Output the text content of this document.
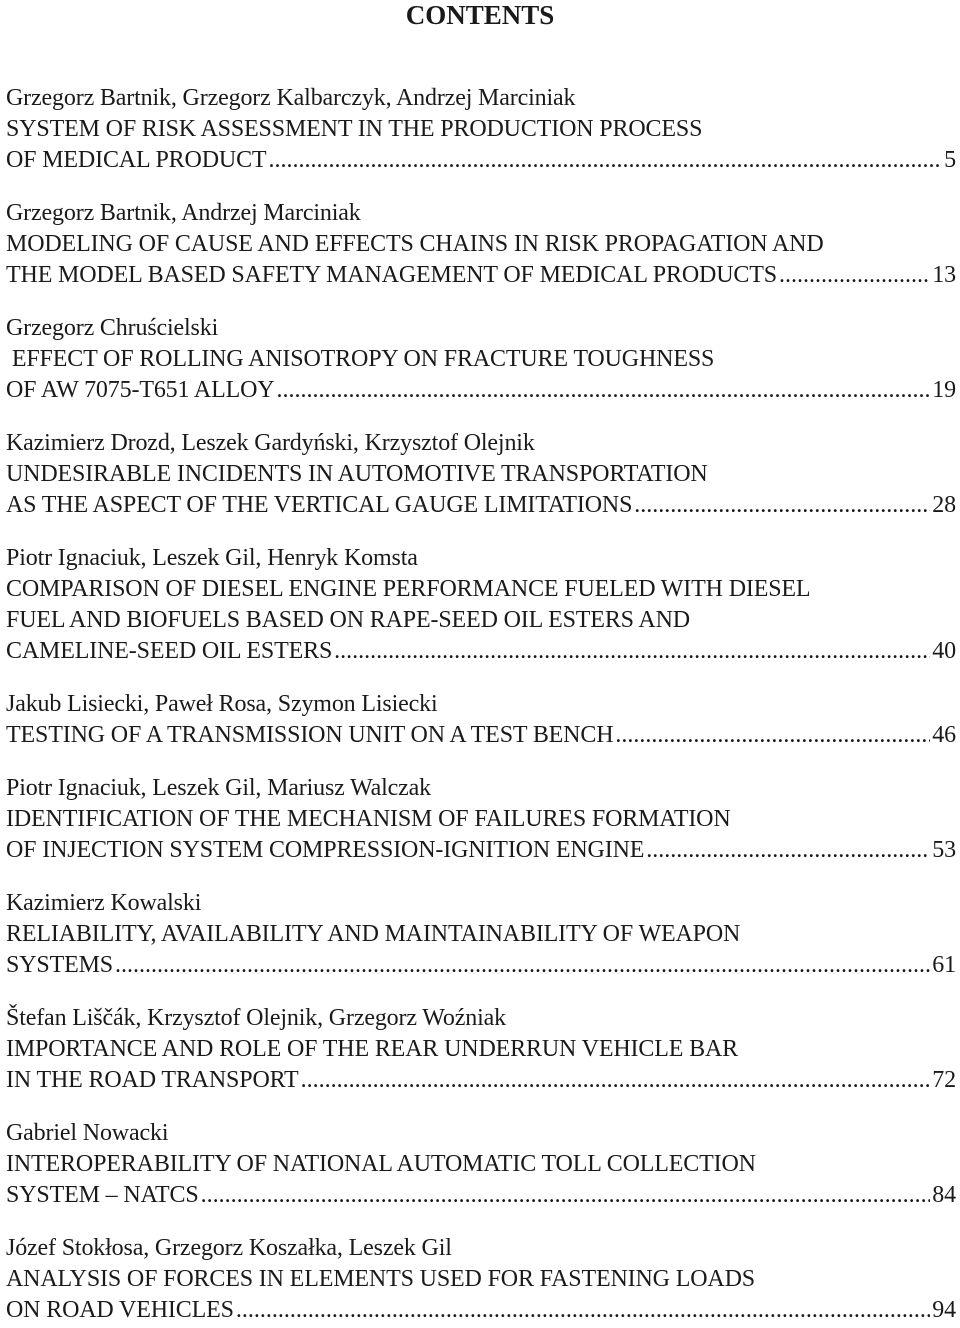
CONTENTS
Grzegorz Bartnik, Grzegorz Kalbarczyk, Andrzej Marciniak
SYSTEM OF RISK ASSESSMENT IN THE PRODUCTION PROCESS
OF MEDICAL PRODUCT .....	5
Grzegorz Bartnik, Andrzej Marciniak
MODELING OF CAUSE AND EFFECTS CHAINS IN RISK PROPAGATION AND
THE MODEL BASED SAFETY MANAGEMENT OF MEDICAL PRODUCTS .....	13
Grzegorz Chruścielski
EFFECT OF ROLLING ANISOTROPY ON FRACTURE TOUGHNESS
OF AW 7075-T651 ALLOY .....	19
Kazimierz Drozd, Leszek Gardyński, Krzysztof Olejnik
UNDESIRABLE INCIDENTS IN AUTOMOTIVE TRANSPORTATION
AS THE ASPECT OF THE VERTICAL GAUGE LIMITATIONS .....	28
Piotr Ignaciuk, Leszek Gil, Henryk Komsta
COMPARISON OF DIESEL ENGINE PERFORMANCE FUELED WITH DIESEL
FUEL AND BIOFUELS BASED ON RAPE-SEED OIL ESTERS AND
CAMELINE-SEED OIL ESTERS .....	40
Jakub Lisiecki, Paweł Rosa, Szymon Lisiecki
TESTING OF A TRANSMISSION UNIT ON A TEST BENCH .....	46
Piotr Ignaciuk, Leszek Gil, Mariusz Walczak
IDENTIFICATION OF THE MECHANISM OF FAILURES FORMATION
OF INJECTION SYSTEM COMPRESSION-IGNITION ENGINE .....	53
Kazimierz Kowalski
RELIABILITY, AVAILABILITY AND MAINTAINABILITY OF WEAPON
SYSTEMS .....	61
Štefan Liščák, Krzysztof Olejnik, Grzegorz Woźniak
IMPORTANCE AND ROLE OF THE REAR UNDERRUN VEHICLE BAR
IN THE ROAD TRANSPORT .....	72
Gabriel Nowacki
INTEROPERABILITY OF NATIONAL AUTOMATIC TOLL COLLECTION
SYSTEM – NATCS .....	84
Józef Stokłosa, Grzegorz Koszałka, Leszek Gil
ANALYSIS OF FORCES IN ELEMENTS USED FOR FASTENING LOADS
ON ROAD VEHICLES .....	94
